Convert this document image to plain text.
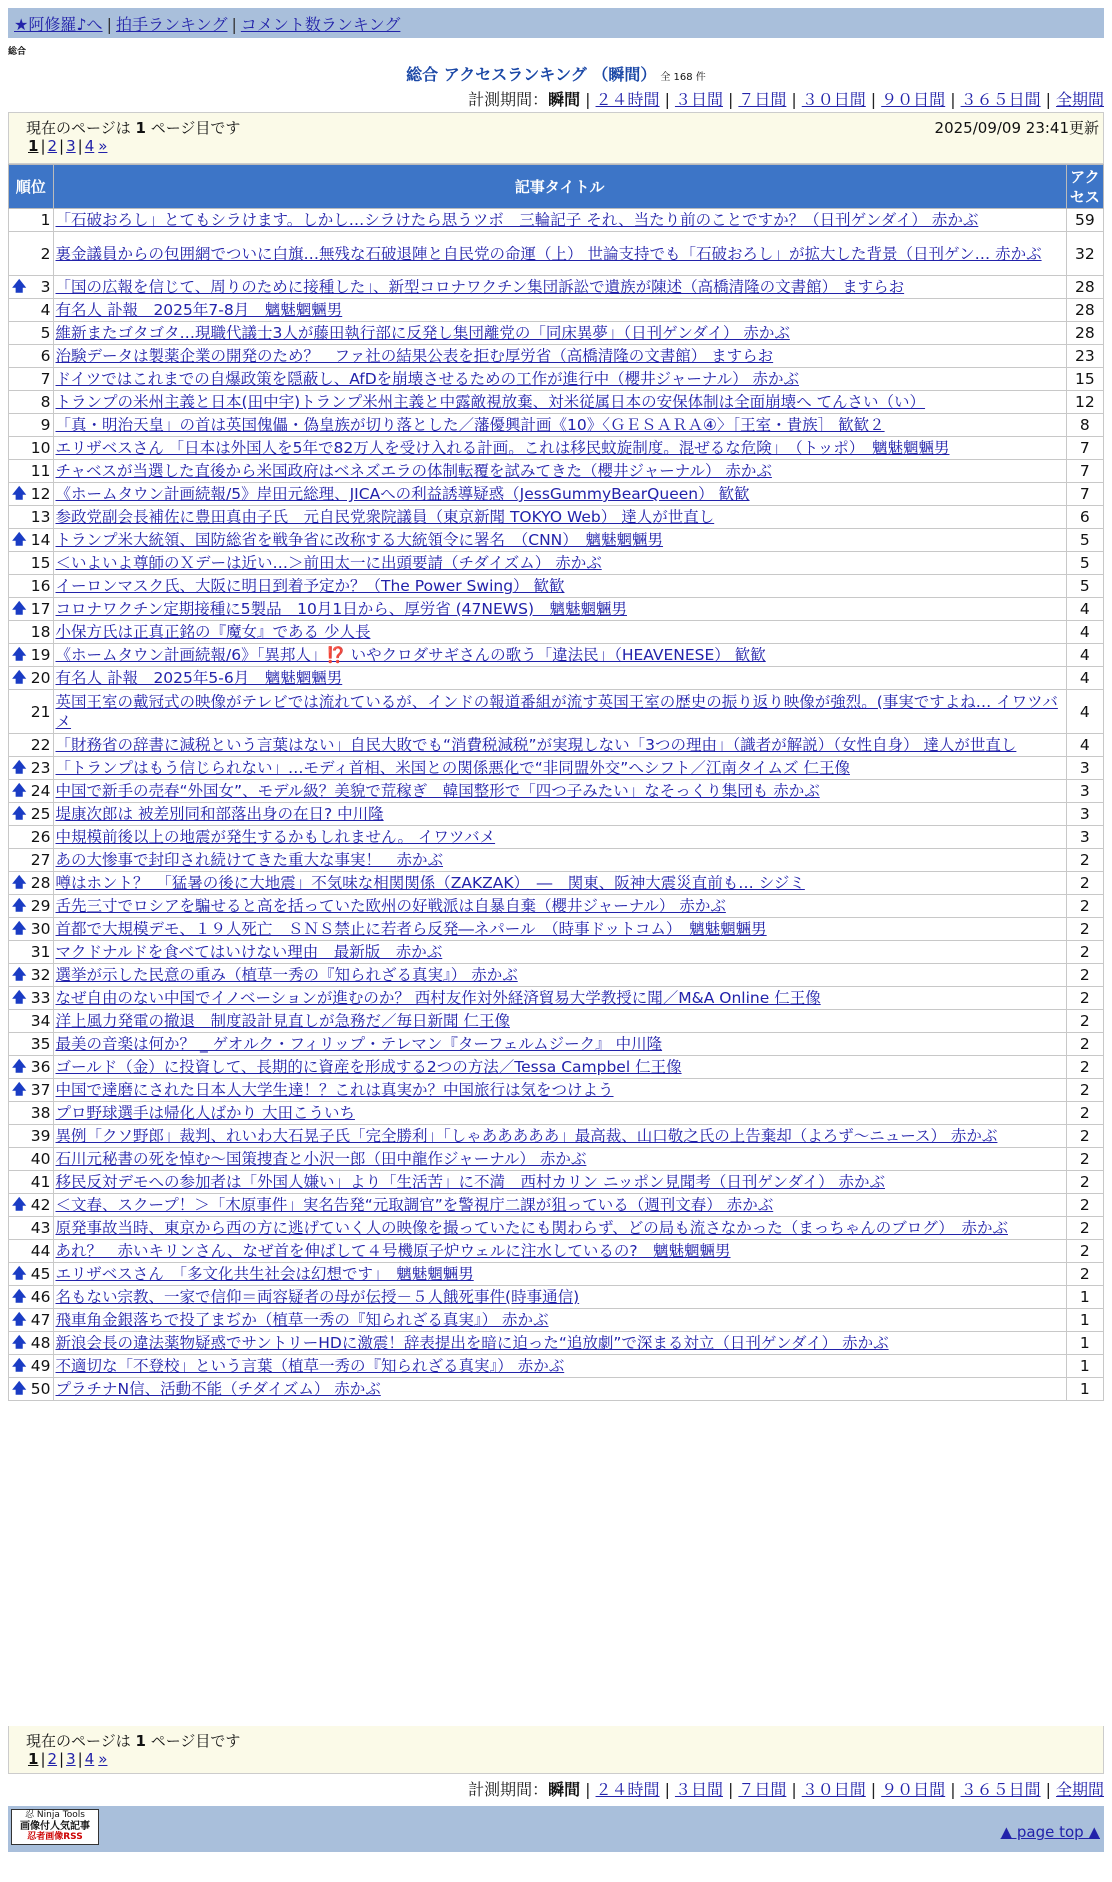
★阿修羅♪へ | 拍手ランキング | コメント数ランキング
総合
総合 アクセスランキング （瞬間） 全 168 件
計測期間：瞬間 | ２４時間 | ３日間 | ７日間 | ３０日間 | ９０日間 | ３６５日間 | 全期間
現在のページは 1 ページ目です	2025/09/09 23:41更新
1 | 2 | 3 | 4 »
順位	記事タイトル	アクセス
1	「石破おろし」とてもシラけます。しかし…シラけたら思うツボ　三輪記子 それ、当たり前のことですか？（日刊ゲンダイ） 赤かぶ	59
2	裏金議員からの包囲網でついに白旗…無残な石破退陣と自民党の命運（上） 世論支持でも「石破おろし」が拡大した背景（日刊ゲン… 赤かぶ	32

🡅 3	「国の広報を信じて、周りのために接種した」、新型コロナワクチン集団訴訟で遺族が陳述（高橋清隆の文書館） ますらお	28
4	有名人 訃報　2025年7-8月　魑魅魍魎男	28
5	維新またゴタゴタ…現職代議士3人が藤田執行部に反発し集団離党の「同床異夢」（日刊ゲンダイ） 赤かぶ	28
6	治験データは製薬企業の開発のため？　ファ社の結果公表を拒む厚労省（高橋清隆の文書館） ますらお	23
7	ドイツではこれまでの自爆政策を隠蔽し、AfDを崩壊させるための工作が進行中（櫻井ジャーナル） 赤かぶ	15
8	トランプの米州主義と日本(田中宇)トランプ米州主義と中露敵視放棄、対米従属日本の安保体制は全面崩壊へ てんさい（い）	12
9	「真・明治天皇」の首は英国傀儡・偽皇族が切り落とした／藩優興計画《10》〈ＧＥＳＡＲＡ④〉［王室・貴族］ 歓歓２	8
10	エリザベスさん 「日本は外国人を5年で82万人を受け入れる計画。これは移民蚊旋制度。混ぜるな危険」　（トッポ）　魑魅魍魎男	7
11	チャベスが当選した直後から米国政府はベネズエラの体制転覆を試みてきた（櫻井ジャーナル） 赤かぶ	7

🡅 12	《ホームタウン計画続報/5》岸田元総理、JICAへの利益誘導疑惑（JessGummyBearQueen） 歓歓	7
13	参政党副会長補佐に豊田真由子氏　元自民党衆院議員（東京新聞 TOKYO Web） 達人が世直し	6

🡅 14	トランプ米大統領、国防総省を戦争省に改称する大統領令に署名　（CNN）　魑魅魍魎男	5
15	＜いよいよ尊師のＸデーは近い…＞前田太一に出頭要請（チダイズム） 赤かぶ	5
16	イーロンマスク氏、大阪に明日到着予定か？（The Power Swing） 歓歓	5

🡅 17	コロナワクチン定期接種に5製品　10月1日から、厚労省 (47NEWS)　魑魅魍魎男	4
18	小保方氏は正真正銘の『魔女』である 少人長	4

🡅 19	《ホームタウン計画続報/6》「異邦人」⁉️ いやクロダサギさんの歌う「違法民」（HEAVENESE） 歓歓	4

🡅 20	有名人 訃報　2025年5-6月　魑魅魍魎男	4
21	英国王室の戴冠式の映像がテレビでは流れているが、インドの報道番組が流す英国王室の歴史の振り返り映像が強烈。(事実ですよね… イワツバメ	4
22	「財務省の辞書に減税という言葉はない」自民大敗でも“消費税減税”が実現しない「3つの理由」（識者が解説）（女性自身） 達人が世直し	4

🡅 23	「トランプはもう信じられない」…モディ首相、米国との関係悪化で“非同盟外交”へシフト／江南タイムズ 仁王像	3

🡅 24	中国で新手の売春“外国女”、モデル級？美貌で荒稼ぎ　韓国整形で「四つ子みたい」なそっくり集団も 赤かぶ	3

🡅 25	堤康次郎は 被差別同和部落出身の在日? 中川隆	3
26	中規模前後以上の地震が発生するかもしれません。 イワツバメ	3
27	あの大惨事で封印され続けてきた重大な事実！　赤かぶ	2

🡅 28	噂はホント？　「猛暑の後に大地震」不気味な相関関係（ZAKZAK）　―　関東、阪神大震災直前も… シジミ	2

🡅 29	舌先三寸でロシアを騙せると高を括っていた欧州の好戦派は自暴自棄（櫻井ジャーナル） 赤かぶ	2

🡅 30	首都で大規模デモ、１９人死亡　ＳＮＳ禁止に若者ら反発―ネパール　（時事ドットコム）　魑魅魍魎男	2
31	マクドナルドを食べてはいけない理由　最新版　赤かぶ	2

🡅 32	選挙が示した民意の重み（植草一秀の『知られざる真実』） 赤かぶ	2

🡅 33	なぜ自由のない中国でイノベーションが進むのか？ 西村友作対外経済貿易大学教授に聞／M&A Online 仁王像	2
34	洋上風力発電の撤退　制度設計見直しが急務だ／毎日新聞 仁王像	2
35	最美の音楽は何か？ _ ゲオルク・フィリップ・テレマン『ターフェルムジーク』 中川隆	2

🡅 36	ゴールド（金）に投資して、長期的に資産を形成する2つの方法／Tessa Campbel 仁王像	2

🡅 37	中国で達磨にされた日本人大学生達！？これは真実か？中国旅行は気をつけよう	2
38	プロ野球選手は帰化人ばかり 大田こういち	2
39	異例「クソ野郎」裁判、れいわ大石晃子氏「完全勝利」「しゃあああああ」最高裁、山口敬之氏の上告棄却（よろず～ニュース） 赤かぶ	2
40	石川元秘書の死を悼む～国策捜査と小沢一郎（田中龍作ジャーナル） 赤かぶ	2
41	移民反対デモへの参加者は「外国人嫌い」より「生活苦」に不満　西村カリン ニッポン見聞考（日刊ゲンダイ） 赤かぶ	2

🡅 42	＜文春、スクープ！＞「木原事件」実名告発“元取調官”を警視庁二課が狙っている（週刊文春） 赤かぶ	2
43	原発事故当時、東京から西の方に逃げていく人の映像を撮っていたにも関わらず、どの局も流さなかった（まっちゃんのブログ）　赤かぶ	2
44	あれ？　赤いキリンさん、なぜ首を伸ばして４号機原子炉ウェルに注水しているの?　魑魅魍魎男	2

🡅 45	エリザベスさん　「多文化共生社会は幻想です」　魑魅魍魎男	2

🡅 46	名もない宗教、一家で信仰＝両容疑者の母が伝授－５人餓死事件(時事通信)	1

🡅 47	飛車角金銀落ちで投了まぢか（植草一秀の『知られざる真実』） 赤かぶ	1

🡅 48	新浪会長の違法薬物疑惑でサントリーHDに激震！辞表提出を暗に迫った“追放劇”で深まる対立（日刊ゲンダイ） 赤かぶ	1

🡅 49	不適切な「不登校」という言葉（植草一秀の『知られざる真実』） 赤かぶ	1

🡅 50	プラチナN信、活動不能（チダイズム） 赤かぶ	1
現在のページは 1 ページ目です
1 | 2 | 3 | 4 »
計測期間：瞬間 | ２４時間 | ３日間 | ７日間 | ３０日間 | ９０日間 | ３６５日間 | 全期間
忍 Ninja Tools
画像付人気記事
忍者画像RSS	▲ page top ▲
